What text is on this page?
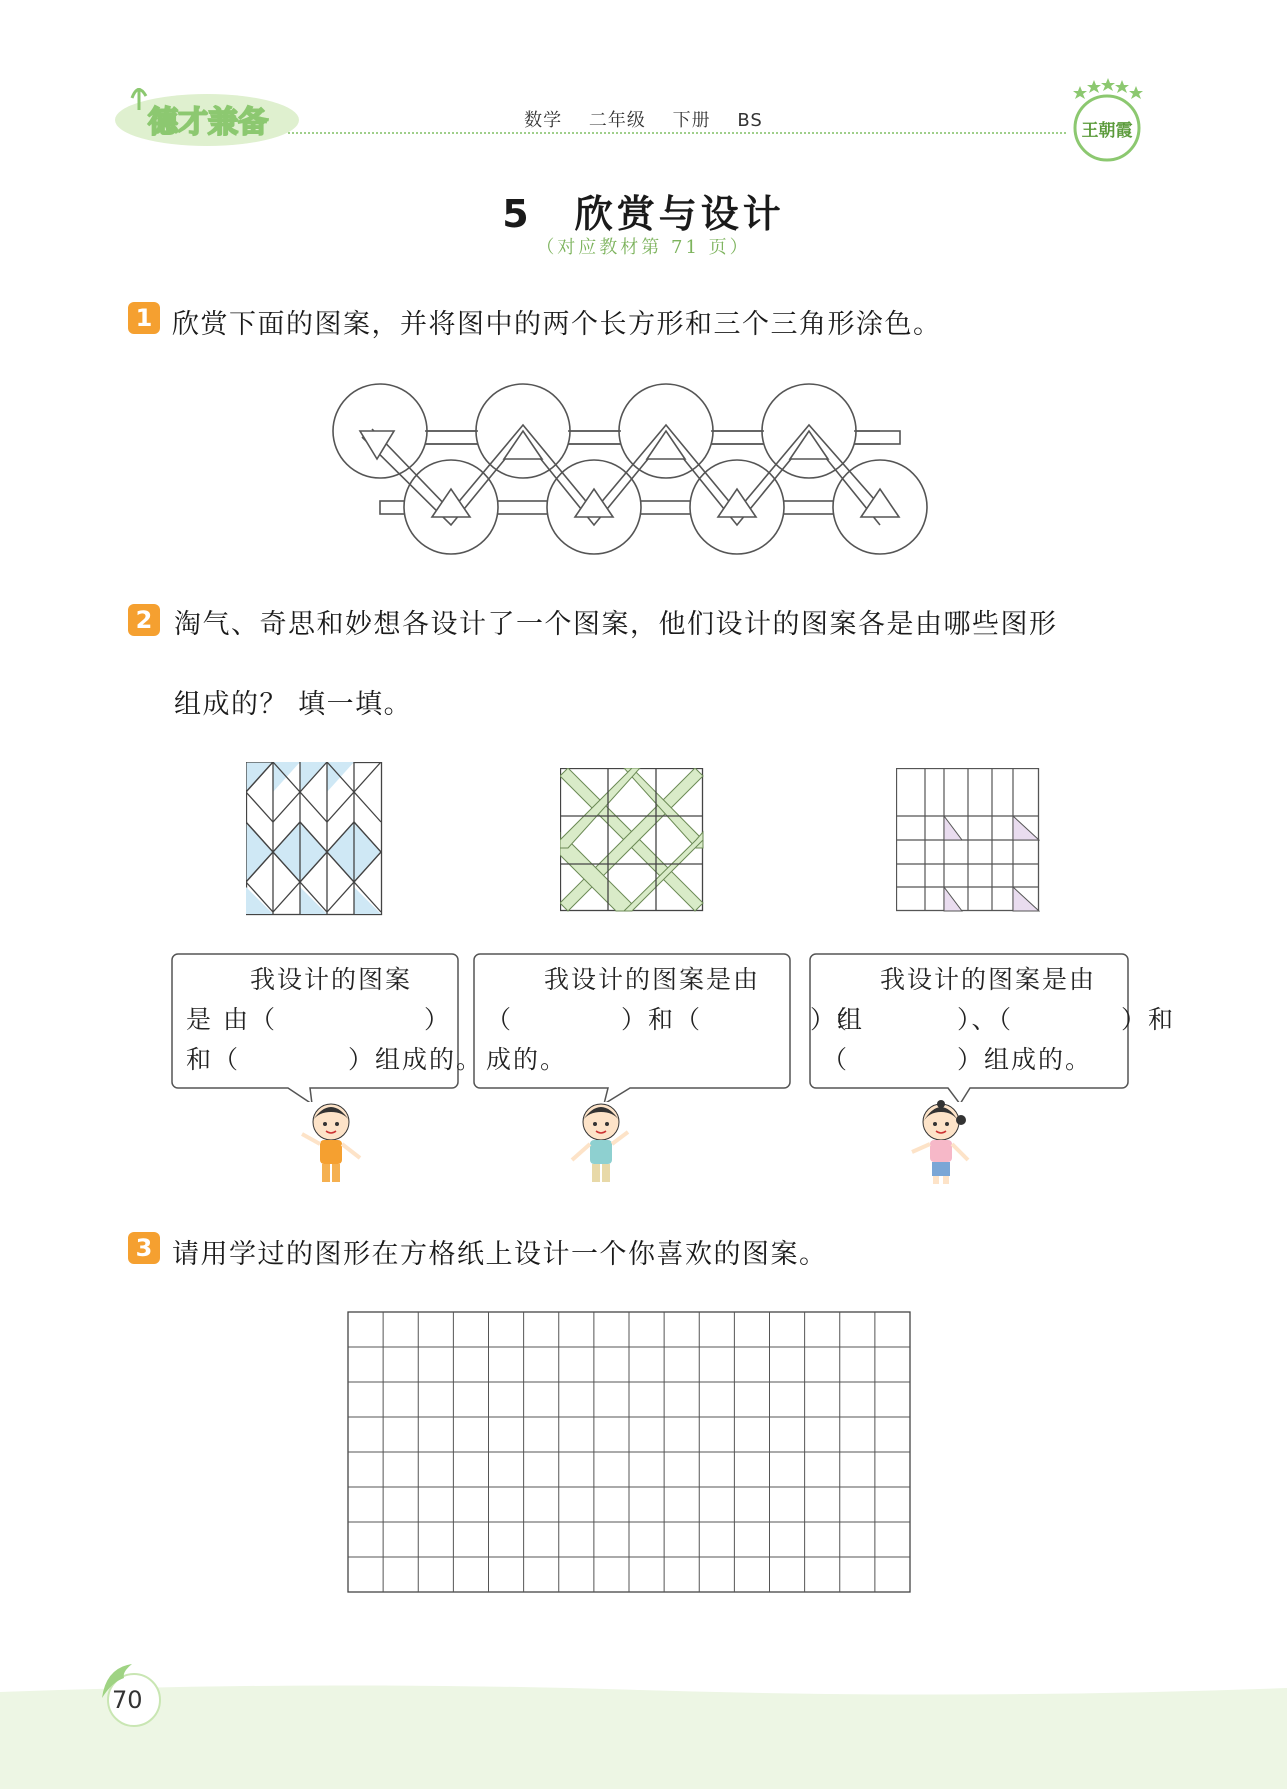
德才兼备	数学 二年级 下册 BS	王朝霞
5　欣赏与设计
（对应教材第 71 页）
1 欣赏下面的图案，并将图中的两个长方形和三个三角形涂色。
2 淘气、奇思和妙想各设计了一个图案，他们设计的图案各是由哪些图形
组成的？ 填一填。
我设计的图案
是 由（	）
和（　　　　）组成的。
我设计的图案是由
（　　　　）和（　　　　）组
成的。
我设计的图案是由
（　　　　）、（　　　　）和
（　　　　）组成的。
3 请用学过的图形在方格纸上设计一个你喜欢的图案。
70
